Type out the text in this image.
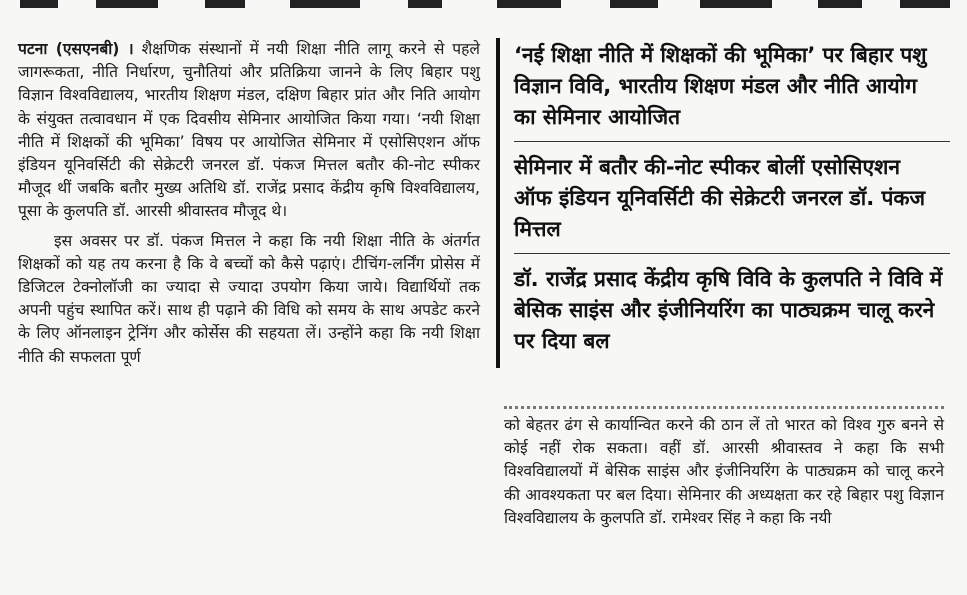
पटना (एसएनबी) । शैक्षणिक संस्थानों में नयी शिक्षा नीति लागू करने से पहले जागरूकता, नीति निर्धारण, चुनौतियां और प्रतिक्रिया जानने के लिए बिहार पशु विज्ञान विश्वविद्यालय, भारतीय शिक्षण मंडल, दक्षिण बिहार प्रांत और निति आयोग के संयुक्त तत्वावधान में एक दिवसीय सेमिनार आयोजित किया गया। ‘नयी शिक्षा नीति में शिक्षकों की भूमिका’ विषय पर आयोजित सेमिनार में एसोसिएशन ऑफ इंडियन यूनिवर्सिटी की सेक्रेटरी जनरल डॉ. पंकज मित्तल बतौर की-नोट स्पीकर मौजूद थीं जबकि बतौर मुख्य अतिथि डॉ. राजेंद्र प्रसाद केंद्रीय कृषि विश्वविद्यालय, पूसा के कुलपति डॉ. आरसी श्रीवास्तव मौजूद थे।

इस अवसर पर डॉ. पंकज मित्तल ने कहा कि नयी शिक्षा नीति के अंतर्गत शिक्षकों को यह तय करना है कि वे बच्चों को कैसे पढ़ाएं। टीचिंग-लर्निंग प्रोसेस में डिजिटल टेक्नोलॉजी का ज्यादा से ज्यादा उपयोग किया जाये। विद्यार्थियों तक अपनी पहुंच स्थापित करें। साथ ही पढ़ाने की विधि को समय के साथ अपडेट करने के लिए ऑनलाइन ट्रेनिंग और कोर्सेस की सहयता लें। उन्होंने कहा कि नयी शिक्षा नीति की सफलता पूर्ण

‘नई शिक्षा नीति में शिक्षकों की भूमिका’ पर बिहार पशु विज्ञान विवि, भारतीय शिक्षण मंडल और नीति आयोग का सेमिनार आयोजित
सेमिनार में बतौर की-नोट स्पीकर बोलीं एसोसिएशन ऑफ इंडियन यूनिवर्सिटी की सेक्रेटरी जनरल डॉ. पंकज मित्तल
डॉ. राजेंद्र प्रसाद केंद्रीय कृषि विवि के कुलपति ने विवि में बेसिक साइंस और इंजीनियरिंग का पाठ्यक्रम चालू करने पर दिया बल

को बेहतर ढंग से कार्यान्वित करने की ठान लें तो भारत को विश्व गुरु बनने से कोई नहीं रोक सकता। वहीं डॉ. आरसी श्रीवास्तव ने कहा कि सभी विश्वविद्यालयों में बेसिक साइंस और इंजीनियरिंग के पाठ्यक्रम को चालू करने की आवश्यकता पर बल दिया। सेमिनार की अध्यक्षता कर रहे बिहार पशु विज्ञान विश्वविद्यालय के कुलपति डॉ. रामेश्वर सिंह ने कहा कि नयी
